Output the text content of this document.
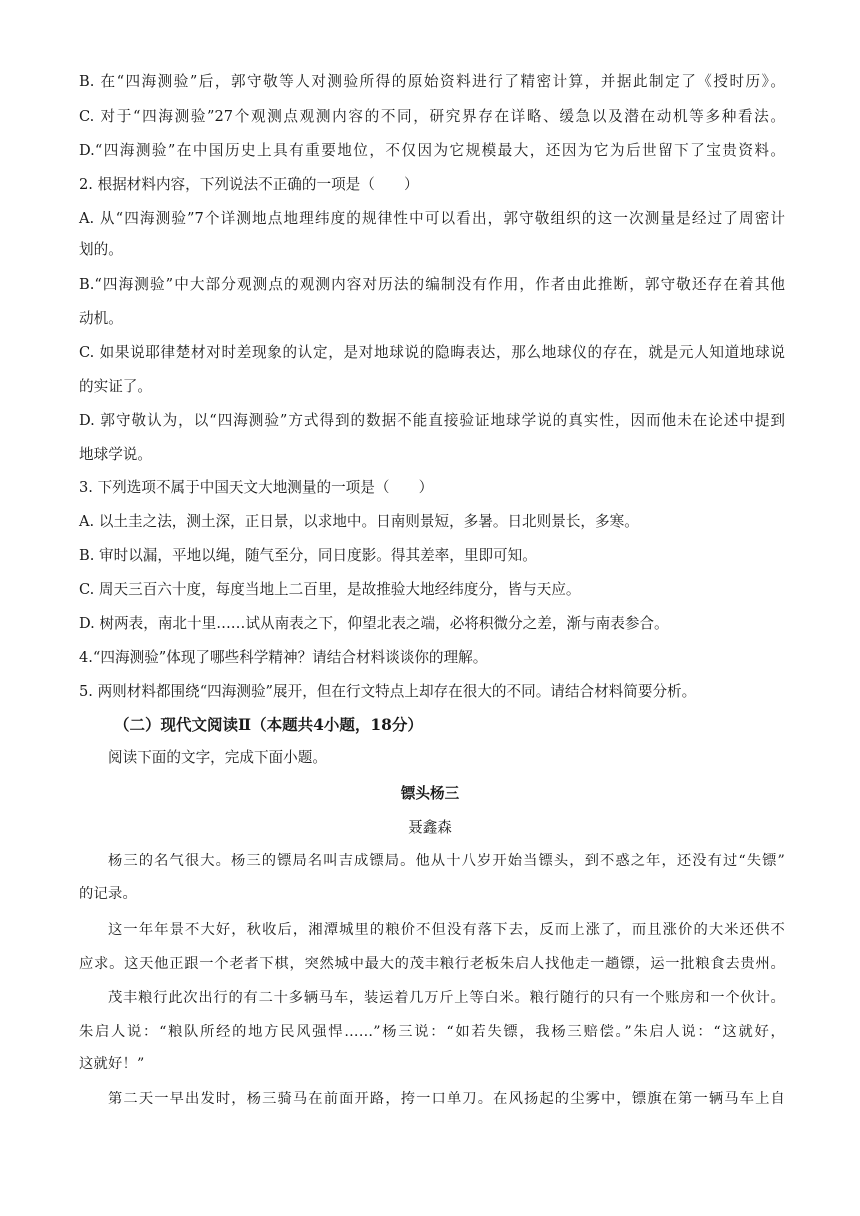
B. 在“四海测验”后，郭守敬等人对测验所得的原始资料进行了精密计算，并据此制定了《授时历》。
C. 对于“四海测验”27个观测点观测内容的不同，研究界存在详略、缓急以及潜在动机等多种看法。
D.“四海测验”在中国历史上具有重要地位，不仅因为它规模最大，还因为它为后世留下了宝贵资料。
2. 根据材料内容，下列说法不正确的一项是（　　）
A. 从“四海测验”7个详测地点地理纬度的规律性中可以看出，郭守敬组织的这一次测量是经过了周密计
划的。
B.“四海测验”中大部分观测点的观测内容对历法的编制没有作用，作者由此推断，郭守敬还存在着其他
动机。
C. 如果说耶律楚材对时差现象的认定，是对地球说的隐晦表达，那么地球仪的存在，就是元人知道地球说
的实证了。
D. 郭守敬认为，以“四海测验”方式得到的数据不能直接验证地球学说的真实性，因而他未在论述中提到
地球学说。
3. 下列选项不属于中国天文大地测量的一项是（　　）
A. 以土圭之法，测土深，正日景，以求地中。日南则景短，多暑。日北则景长，多寒。
B. 审时以漏，平地以绳，随气至分，同日度影。得其差率，里即可知。
C. 周天三百六十度，每度当地上二百里，是故推验大地经纬度分，皆与天应。
D. 树两表，南北十里……试从南表之下，仰望北表之端，必将积微分之差，渐与南表参合。
4.“四海测验”体现了哪些科学精神？请结合材料谈谈你的理解。
5. 两则材料都围绕“四海测验”展开，但在行文特点上却存在很大的不同。请结合材料简要分析。
（二）现代文阅读Ⅱ（本题共4小题，18分）
阅读下面的文字，完成下面小题。
镖头杨三
聂鑫森
杨三的名气很大。杨三的镖局名叫吉成镖局。他从十八岁开始当镖头，到不惑之年，还没有过“失镖”
的记录。
这一年年景不大好，秋收后，湘潭城里的粮价不但没有落下去，反而上涨了，而且涨价的大米还供不
应求。这天他正跟一个老者下棋，突然城中最大的茂丰粮行老板朱启人找他走一趟镖，运一批粮食去贵州。
茂丰粮行此次出行的有二十多辆马车，装运着几万斤上等白米。粮行随行的只有一个账房和一个伙计。
朱启人说：“粮队所经的地方民风强悍……”杨三说：“如若失镖，我杨三赔偿。”朱启人说：“这就好，
这就好！”
第二天一早出发时，杨三骑马在前面开路，挎一口单刀。在风扬起的尘雾中，镖旗在第一辆马车上自
